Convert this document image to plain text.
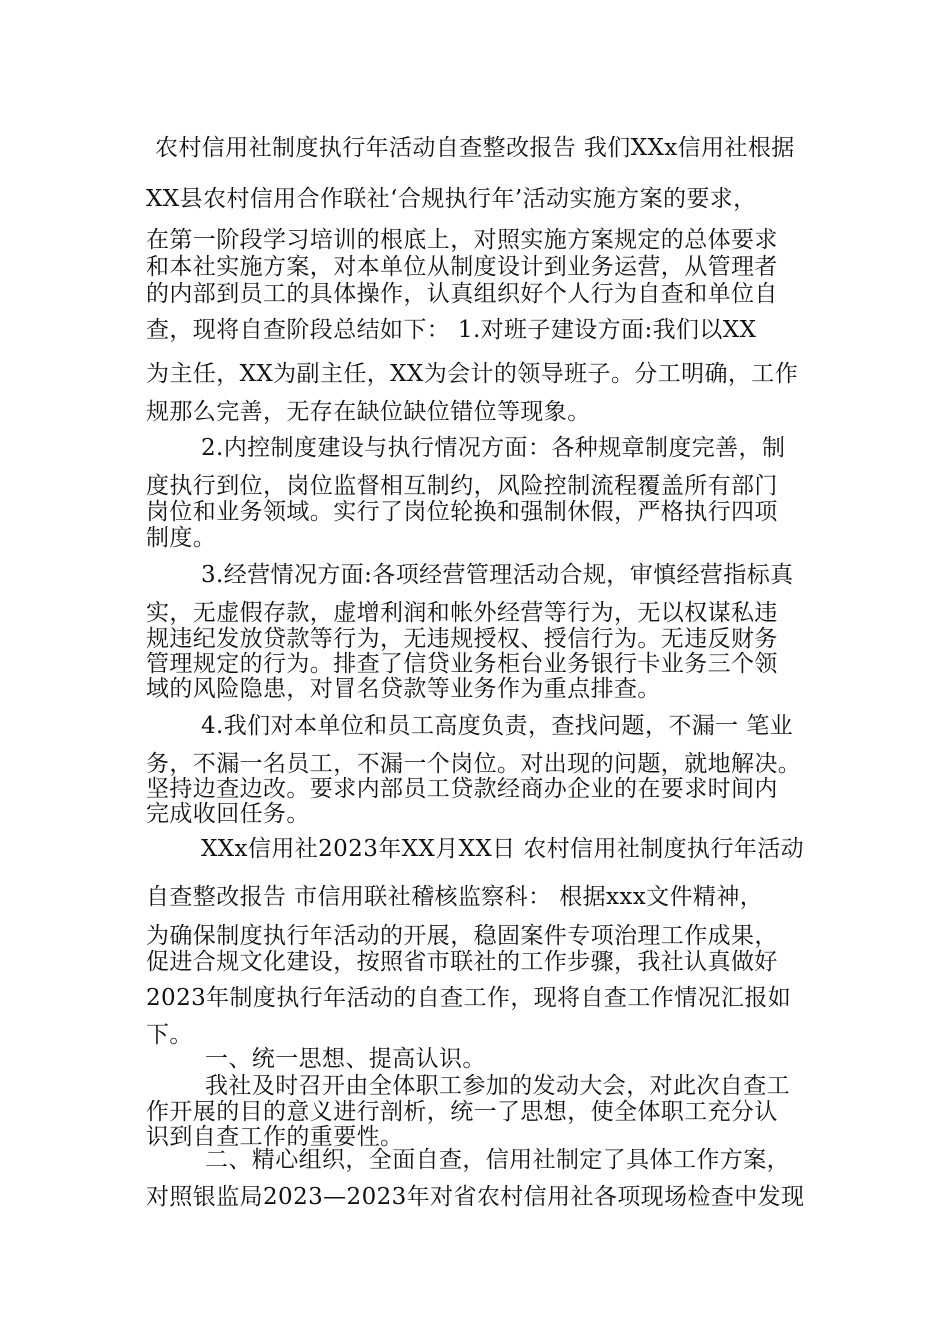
农村信用社制度执行年活动自查整改报告 我们XXx信用社根据
XX县农村信用合作联社‘合规执行年’活动实施方案的要求，
在第一阶段学习培训的根底上，对照实施方案规定的总体要求
和本社实施方案，对本单位从制度设计到业务运营，从管理者
的内部到员工的具体操作，认真组织好个人行为自查和单位自
查，现将自查阶段总结如下： 1.对班子建设方面:我们以XX
为主任，XX为副主任，XX为会计的领导班子。分工明确，工作
规那么完善，无存在缺位缺位错位等现象。
2.内控制度建设与执行情况方面：各种规章制度完善，制
度执行到位，岗位监督相互制约，风险控制流程覆盖所有部门
岗位和业务领域。实行了岗位轮换和强制休假，严格执行四项
制度。
3.经营情况方面:各项经营管理活动合规，审慎经营指标真
实，无虚假存款，虚增利润和帐外经营等行为，无以权谋私违
规违纪发放贷款等行为，无违规授权、授信行为。无违反财务
管理规定的行为。排查了信贷业务柜台业务银行卡业务三个领
域的风险隐患，对冒名贷款等业务作为重点排查。
4.我们对本单位和员工高度负责，查找问题，不漏一 笔业
务，不漏一名员工，不漏一个岗位。对出现的问题，就地解决。
坚持边查边改。要求内部员工贷款经商办企业的在要求时间内
完成收回任务。
XXx信用社2023年XX月XX日 农村信用社制度执行年活动
自查整改报告 市信用联社稽核监察科： 根据xxx文件精神，
为确保制度执行年活动的开展，稳固案件专项治理工作成果，
促进合规文化建设，按照省市联社的工作步骤，我社认真做好
2023年制度执行年活动的自查工作，现将自查工作情况汇报如
下。
一、统一思想、提高认识。
我社及时召开由全体职工参加的发动大会，对此次自查工
作开展的目的意义进行剖析，统一了思想，使全体职工充分认
识到自查工作的重要性。
二、精心组织，全面自查，信用社制定了具体工作方案，
对照银监局2023—2023年对省农村信用社各项现场检查中发现
